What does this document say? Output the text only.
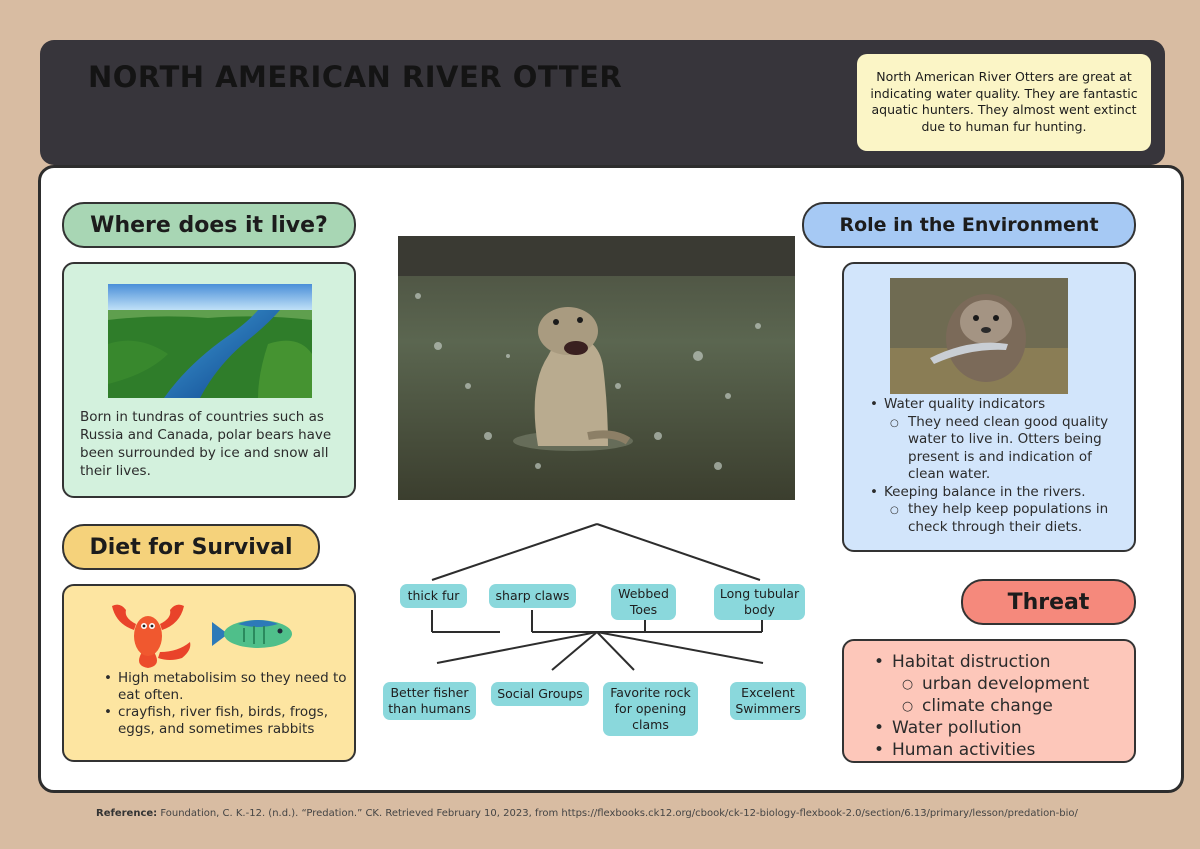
NORTH AMERICAN RIVER OTTER	North American River Otters are great at indicating water quality. They are fantastic aquatic hunters. They almost went extinct due to human fur hunting.
Where does it live?
Born in tundras of countries such as Russia and Canada, polar bears have been surrounded by ice and snow all their lives.
Diet for Survival
• High metabolisim so they need to eat often.
• crayfish, river fish, birds, frogs, eggs, and sometimes rabbits
Role in the Environment
• Water quality indicators
○ They need clean good quality water to live in. Otters being present is and indication of clean water.
• Keeping balance in the rivers.
○ they help keep populations in check through their diets.
Threat
• Habitat distruction
○ urban development
○ climate change
• Water pollution
• Human activities
thick fur	sharp claws	Webbed Toes
Long tubular body
Better fisher than humans
Social Groups	Favorite rock for opening clams
Excelent Swimmers
Reference: Foundation, C. K.-12. (n.d.). “Predation.” CK. Retrieved February 10, 2023, from https://flexbooks.ck12.org/cbook/ck-12-biology-flexbook-2.0/section/6.13/primary/lesson/predation-bio/
